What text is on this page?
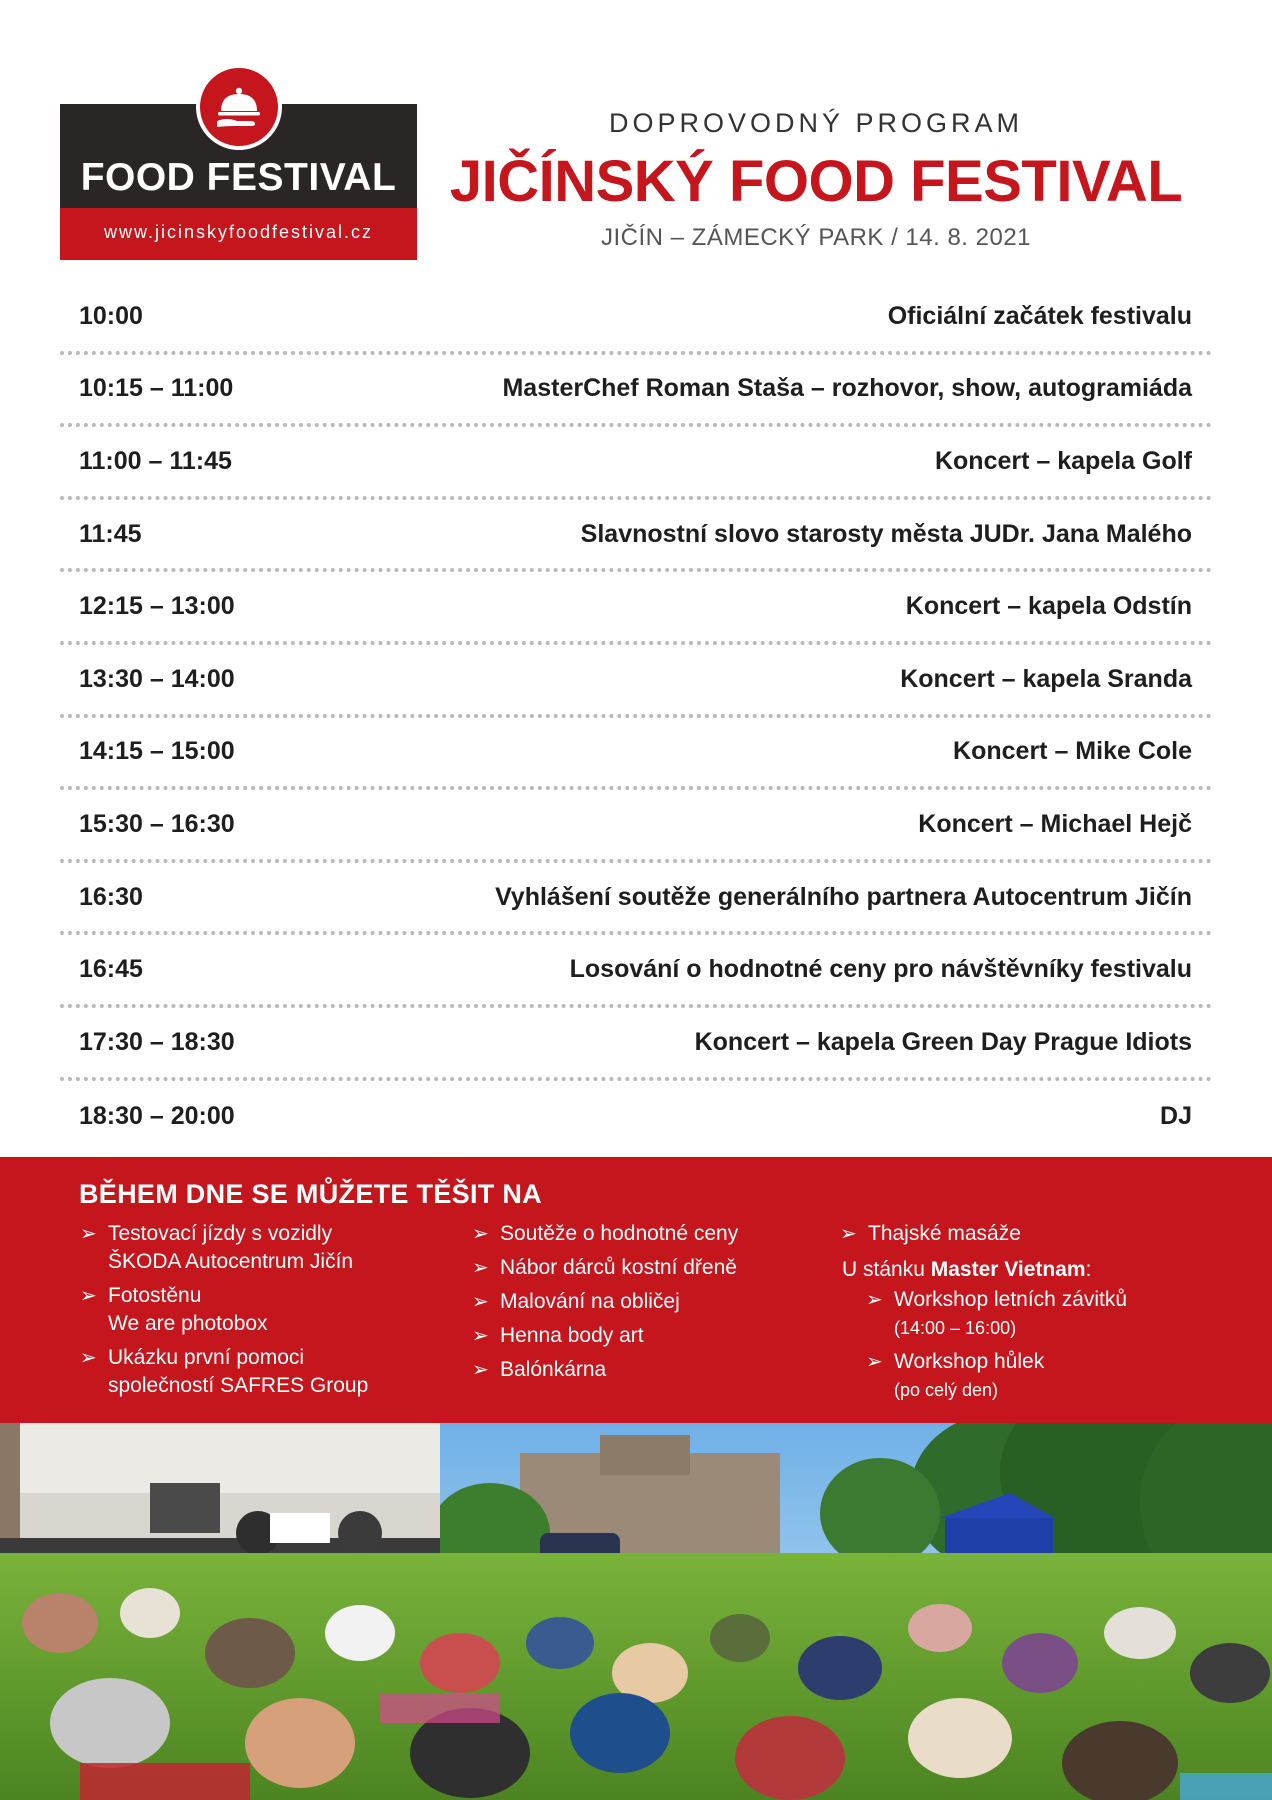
FOOD FESTIVAL
www.jicinskyfoodfestival.cz
DOPROVODNÝ PROGRAM
JIČÍNSKÝ FOOD FESTIVAL
JIČÍN – ZÁMECKÝ PARK / 14. 8. 2021
10:00	Oficiální začátek festivalu
10:15 – 11:00	MasterChef Roman Staša – rozhovor, show, autogramiáda
11:00 – 11:45	Koncert – kapela Golf
11:45	Slavnostní slovo starosty města JUDr. Jana Malého
12:15 – 13:00	Koncert – kapela Odstín
13:30 – 14:00	Koncert – kapela Sranda
14:15 – 15:00	Koncert – Mike Cole
15:30 – 16:30	Koncert – Michael Hejč
16:30	Vyhlášení soutěže generálního partnera Autocentrum Jičín
16:45	Losování o hodnotné ceny pro návštěvníky festivalu
17:30 – 18:30	Koncert – kapela Green Day Prague Idiots
18:30 – 20:00	DJ
BĚHEM DNE SE MŮŽETE TĚŠIT NA
➢ Testovací jízdy s vozidly
ŠKODA Autocentrum Jičín
➢ Fotostěnu
We are photobox
➢ Ukázku první pomoci
společností SAFRES Group
➢ Soutěže o hodnotné ceny
➢ Nábor dárců kostní dřeně
➢ Malování na obličej
➢ Henna body art
➢ Balónkárna
➢ Thajské masáže
U stánku Master Vietnam:
➢ Workshop letních závitků
(14:00 – 16:00)
➢ Workshop hůlek
(po celý den)
